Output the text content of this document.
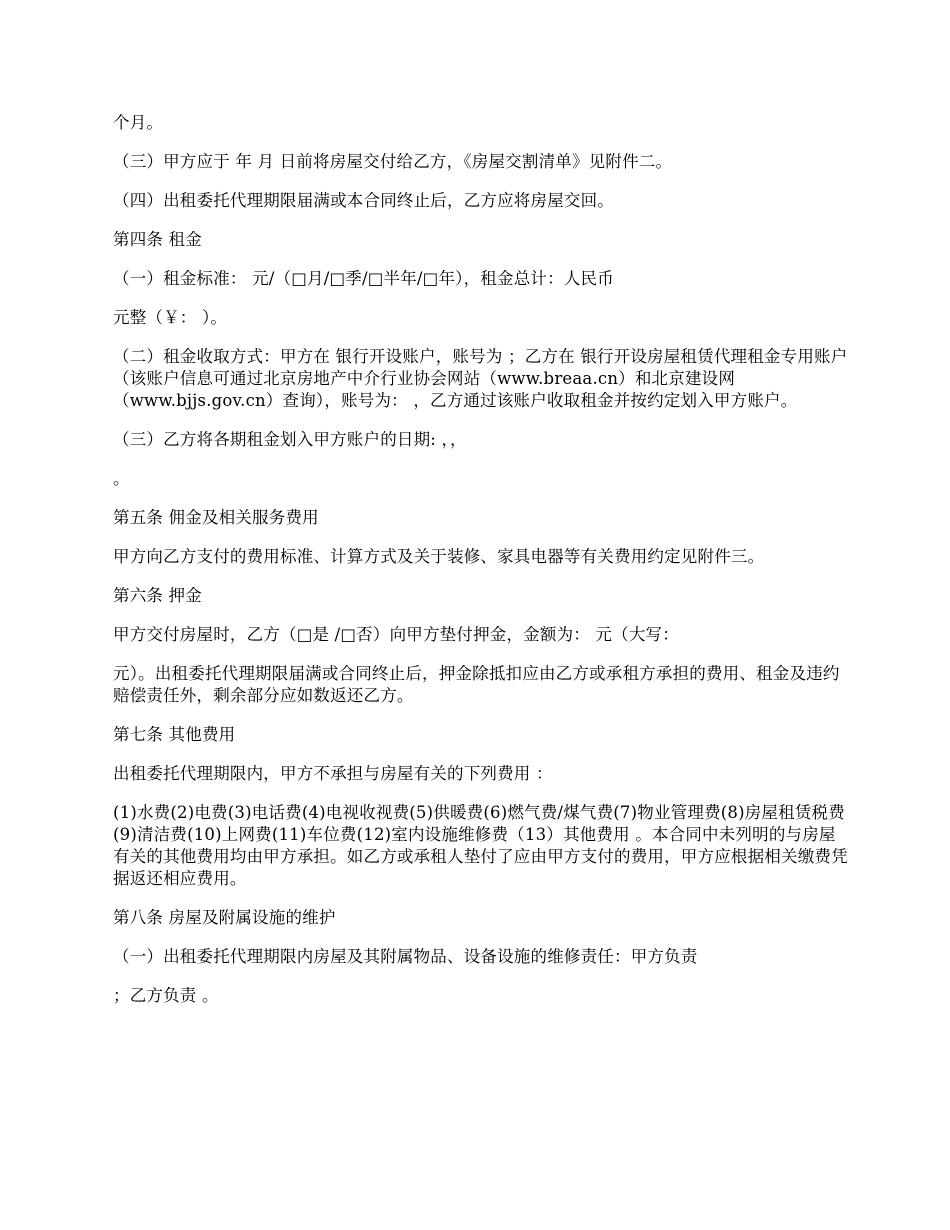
个月。

（三）甲方应于 年 月 日前将房屋交付给乙方，《房屋交割清单》见附件二。

（四）出租委托代理期限届满或本合同终止后，乙方应将房屋交回。

第四条 租金

（一）租金标准： 元/（□月/□季/□半年/□年），租金总计：人民币

元整（￥： ）。

（二）租金收取方式：甲方在 银行开设账户，账号为 ；乙方在 银行开设房屋租赁代理租金专用账户（该账户信息可通过北京房地产中介行业协会网站（www.breaa.cn）和北京建设网（www.bjjs.gov.cn）查询），账号为： ，乙方通过该账户收取租金并按约定划入甲方账户。

（三）乙方将各期租金划入甲方账户的日期: ，，

。

第五条 佣金及相关服务费用

甲方向乙方支付的费用标准、计算方式及关于装修、家具电器等有关费用约定见附件三。

第六条 押金

甲方交付房屋时，乙方（□是 /□否）向甲方垫付押金，金额为： 元（大写：

元）。出租委托代理期限届满或合同终止后，押金除抵扣应由乙方或承租方承担的费用、租金及违约赔偿责任外，剩余部分应如数返还乙方。

第七条 其他费用

出租委托代理期限内，甲方不承担与房屋有关的下列费用 ：

(1)水费(2)电费(3)电话费(4)电视收视费(5)供暖费(6)燃气费/煤气费(7)物业管理费(8)房屋租赁税费(9)清洁费(10)上网费(11)车位费(12)室内设施维修费（13）其他费用 。本合同中未列明的与房屋有关的其他费用均由甲方承担。如乙方或承租人垫付了应由甲方支付的费用，甲方应根据相关缴费凭据返还相应费用。

第八条 房屋及附属设施的维护

（一）出租委托代理期限内房屋及其附属物品、设备设施的维修责任：甲方负责

；乙方负责 。
